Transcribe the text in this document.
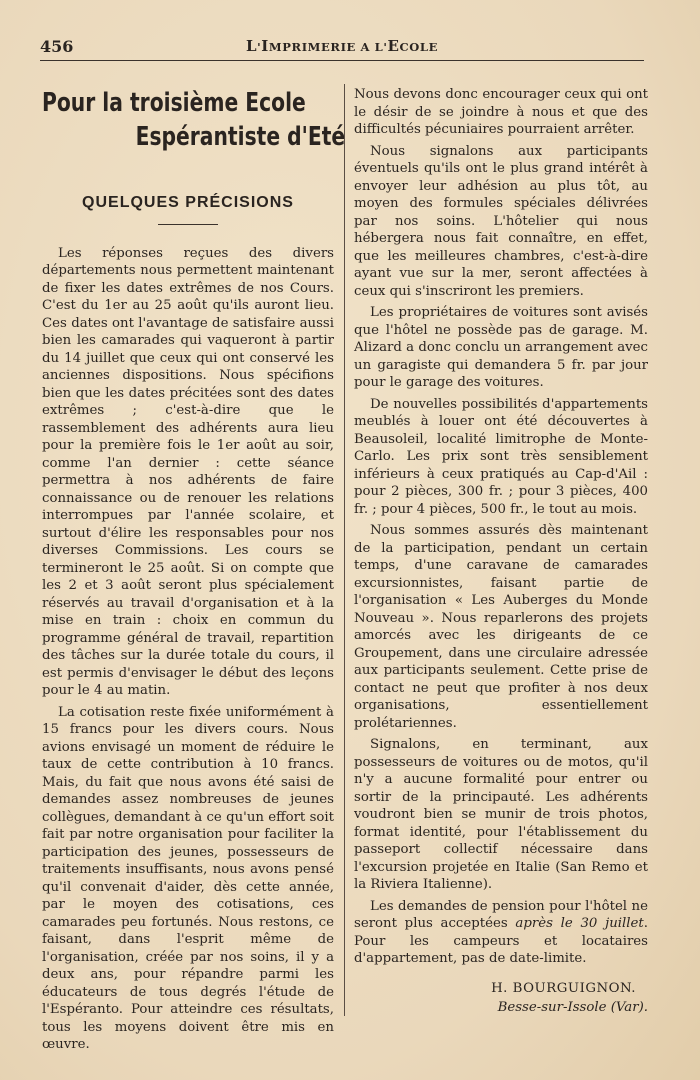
456	L'IMPRIMERIE A L'ECOLE
Pour la troisième Ecole
Espérantiste d'Eté
QUELQUES PRÉCISIONS

Les réponses reçues des divers départements nous permettent maintenant de fixer les dates extrêmes de nos Cours. C'est du 1er au 25 août qu'ils auront lieu. Ces dates ont l'avantage de satisfaire aussi bien les camarades qui vaqueront à partir du 14 juillet que ceux qui ont conservé les anciennes dispositions. Nous spécifions bien que les dates précitées sont des dates extrêmes ; c'est-à-dire que le rassemblement des adhérents aura lieu pour la première fois le 1er août au soir, comme l'an dernier : cette séance permettra à nos adhérents de faire connaissance ou de renouer les relations interrompues par l'année scolaire, et surtout d'élire les responsables pour nos diverses Commissions. Les cours se termineront le 25 août. Si on compte que les 2 et 3 août seront plus spécialement réservés au travail d'organisation et à la mise en train : choix en commun du programme général de travail, repartition des tâches sur la durée totale du cours, il est permis d'envisager le début des leçons pour le 4 au matin.

La cotisation reste fixée uniformément à 15 francs pour les divers cours. Nous avions envisagé un moment de réduire le taux de cette contribution à 10 francs. Mais, du fait que nous avons été saisi de demandes assez nombreuses de jeunes collègues, demandant à ce qu'un effort soit fait par notre organisation pour faciliter la participation des jeunes, possesseurs de traitements insuffisants, nous avons pensé qu'il convenait d'aider, dès cette année, par le moyen des cotisations, ces camarades peu fortunés. Nous restons, ce faisant, dans l'esprit même de l'organisation, créée par nos soins, il y a deux ans, pour répandre parmi les éducateurs de tous degrés l'étude de l'Espéranto. Pour atteindre ces résultats, tous les moyens doivent être mis en œuvre.

Nous devons donc encourager ceux qui ont le désir de se joindre à nous et que des difficultés pécuniaires pourraient arrêter.

Nous signalons aux participants éventuels qu'ils ont le plus grand intérêt à envoyer leur adhésion au plus tôt, au moyen des formules spéciales délivrées par nos soins. L'hôtelier qui nous hébergera nous fait connaître, en effet, que les meilleures chambres, c'est-à-dire ayant vue sur la mer, seront affectées à ceux qui s'inscriront les premiers.

Les propriétaires de voitures sont avisés que l'hôtel ne possède pas de garage. M. Alizard a donc conclu un arrangement avec un garagiste qui demandera 5 fr. par jour pour le garage des voitures.

De nouvelles possibilités d'appartements meublés à louer ont été découvertes à Beausoleil, localité limitrophe de Monte-Carlo. Les prix sont très sensiblement inférieurs à ceux pratiqués au Cap-d'Ail : pour 2 pièces, 300 fr. ; pour 3 pièces, 400 fr. ; pour 4 pièces, 500 fr., le tout au mois.

Nous sommes assurés dès maintenant de la participation, pendant un certain temps, d'une caravane de camarades excursionnistes, faisant partie de l'organisation « Les Auberges du Monde Nouveau ». Nous reparlerons des projets amorcés avec les dirigeants de ce Groupement, dans une circulaire adressée aux participants seulement. Cette prise de contact ne peut que profiter à nos deux organisations, essentiellement prolétariennes.

Signalons, en terminant, aux possesseurs de voitures ou de motos, qu'il n'y a aucune formalité pour entrer ou sortir de la principauté. Les adhérents voudront bien se munir de trois photos, format identité, pour l'établissement du passeport collectif nécessaire dans l'excursion projetée en Italie (San Remo et la Riviera Italienne).

Les demandes de pension pour l'hôtel ne seront plus acceptées après le 30 juillet. Pour les campeurs et locataires d'appartement, pas de date-limite.

H. BOURGUIGNON.
Besse-sur-Issole (Var).
